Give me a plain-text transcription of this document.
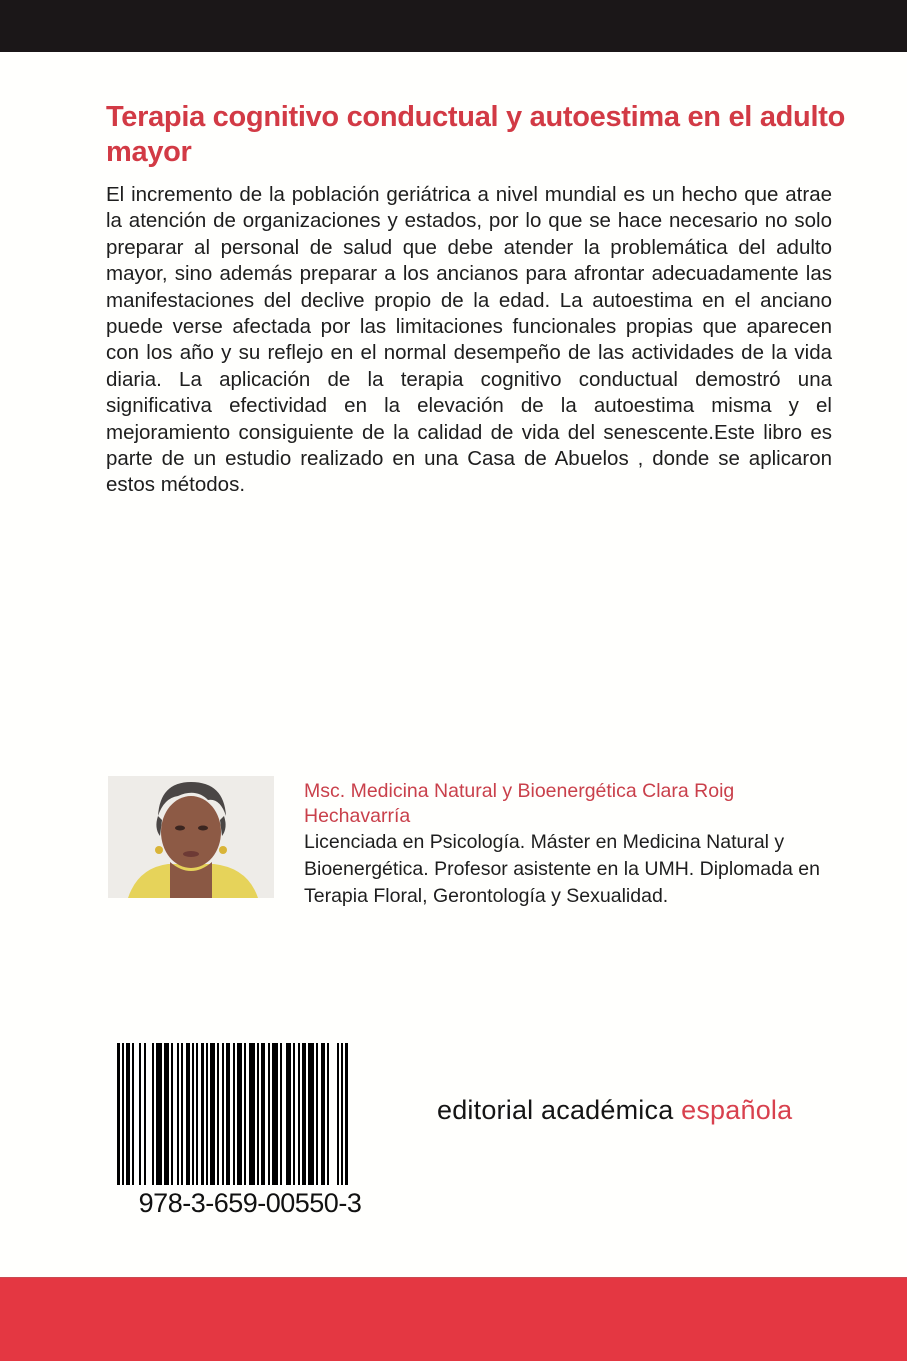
Terapia cognitivo conductual y autoestima en el adulto mayor

El incremento de la población geriátrica a nivel mundial es un hecho que atrae la atención de organizaciones y estados, por lo que se hace necesario no solo preparar al personal de salud que debe atender la problemática del adulto mayor, sino además preparar a los ancianos para afrontar adecuadamente las manifestaciones del declive propio de la edad. La autoestima en el anciano puede verse afectada por las limitaciones funcionales propias que aparecen con los año y su reflejo en el normal desempeño de las actividades de la vida diaria. La aplicación de la terapia cognitivo conductual demostró una significativa efectividad en la elevación de la autoestima misma y el mejoramiento consiguiente de la calidad de vida del senescente.Este libro es parte de un estudio realizado en una Casa de Abuelos , donde se aplicaron estos métodos.

Msc. Medicina Natural y Bioenergética Clara Roig Hechavarría

Licenciada en Psicología. Máster en Medicina Natural y Bioenergética. Profesor asistente en la UMH. Diplomada en Terapia Floral, Gerontología y Sexualidad.

978-3-659-00550-3
editorial académica española
